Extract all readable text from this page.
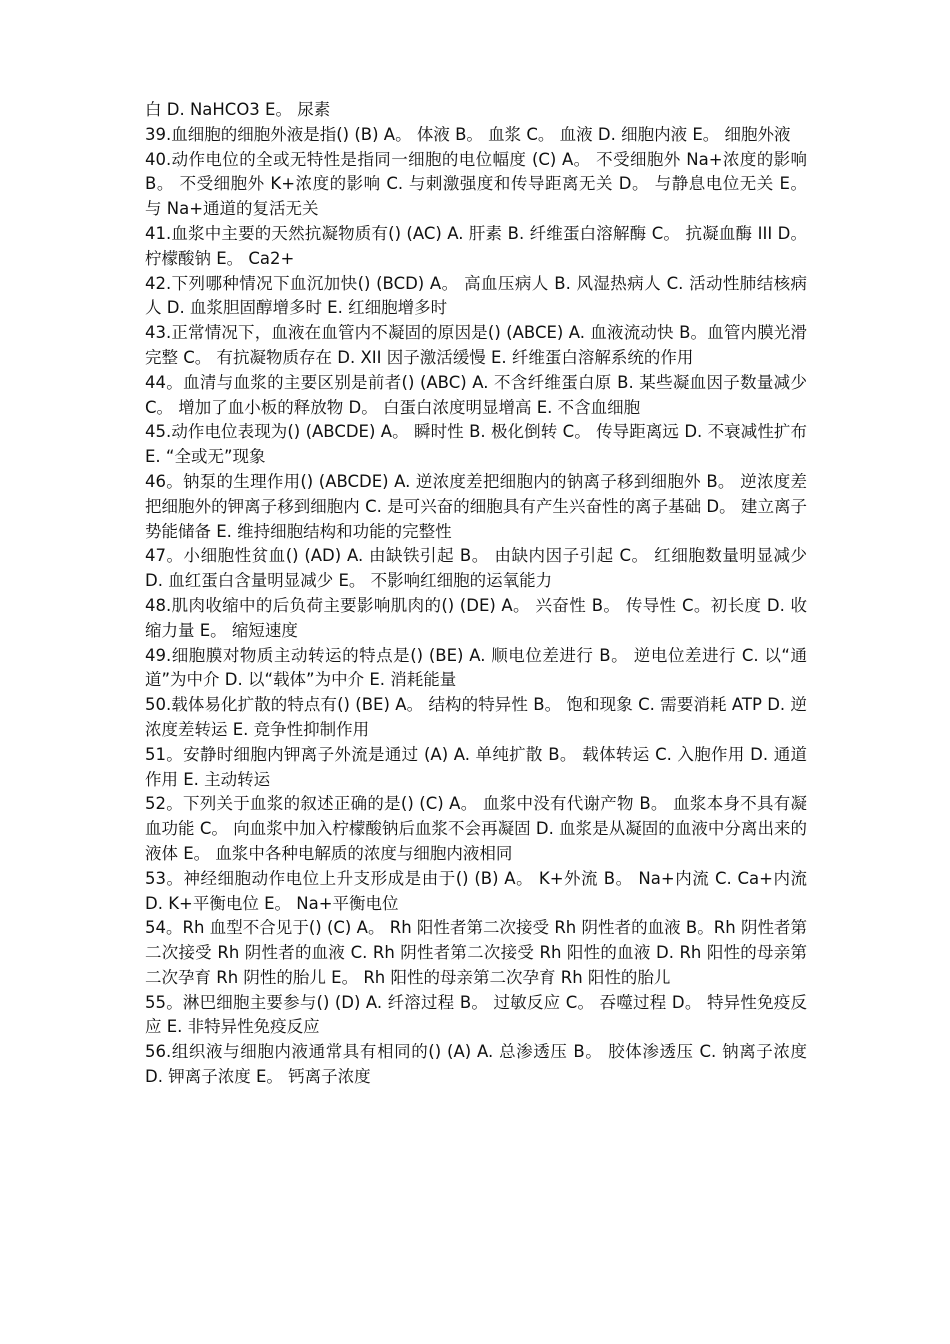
白 D. NaHCO3 E。 尿素

39.血细胞的细胞外液是指() (B) A。 体液 B。 血浆 C。 血液 D. 细胞内液 E。 细胞外液

40.动作电位的全或无特性是指同一细胞的电位幅度 (C) A。 不受细胞外 Na+浓度的影响 B。 不受细胞外 K+浓度的影响 C. 与刺激强度和传导距离无关 D。 与静息电位无关 E。 与 Na+通道的复活无关

41.血浆中主要的天然抗凝物质有() (AC) A. 肝素 B. 纤维蛋白溶解酶 C。 抗凝血酶 III D。 柠檬酸钠 E。 Ca2+

42.下列哪种情况下血沉加快() (BCD) A。 高血压病人 B. 风湿热病人 C. 活动性肺结核病人 D. 血浆胆固醇增多时 E. 红细胞增多时

43.正常情况下，血液在血管内不凝固的原因是() (ABCE) A. 血液流动快 B。血管内膜光滑完整 C。 有抗凝物质存在 D. XII 因子激活缓慢 E. 纤维蛋白溶解系统的作用

44。血清与血浆的主要区别是前者() (ABC) A. 不含纤维蛋白原 B. 某些凝血因子数量减少 C。 增加了血小板的释放物 D。 白蛋白浓度明显增高 E. 不含血细胞

45.动作电位表现为() (ABCDE) A。 瞬时性 B. 极化倒转 C。 传导距离远 D. 不衰减性扩布 E. “全或无”现象

46。钠泵的生理作用() (ABCDE) A. 逆浓度差把细胞内的钠离子移到细胞外 B。 逆浓度差把细胞外的钾离子移到细胞内 C. 是可兴奋的细胞具有产生兴奋性的离子基础 D。 建立离子势能储备 E. 维持细胞结构和功能的完整性

47。小细胞性贫血() (AD) A. 由缺铁引起 B。 由缺内因子引起 C。 红细胞数量明显减少 D. 血红蛋白含量明显减少 E。 不影响红细胞的运氧能力

48.肌肉收缩中的后负荷主要影响肌肉的() (DE) A。 兴奋性 B。 传导性 C。初长度 D. 收缩力量 E。 缩短速度

49.细胞膜对物质主动转运的特点是() (BE) A. 顺电位差进行 B。 逆电位差进行 C. 以“通道”为中介 D. 以“载体”为中介 E. 消耗能量

50.载体易化扩散的特点有() (BE) A。 结构的特异性 B。 饱和现象 C. 需要消耗 ATP D. 逆浓度差转运 E. 竞争性抑制作用

51。安静时细胞内钾离子外流是通过 (A) A. 单纯扩散 B。 载体转运 C. 入胞作用 D. 通道作用 E. 主动转运

52。下列关于血浆的叙述正确的是() (C) A。 血浆中没有代谢产物 B。 血浆本身不具有凝血功能 C。 向血浆中加入柠檬酸钠后血浆不会再凝固 D. 血浆是从凝固的血液中分离出来的液体 E。 血浆中各种电解质的浓度与细胞内液相同

53。神经细胞动作电位上升支形成是由于() (B) A。 K+外流 B。 Na+内流 C. Ca+内流 D. K+平衡电位 E。 Na+平衡电位

54。Rh 血型不合见于() (C) A。 Rh 阳性者第二次接受 Rh 阴性者的血液 B。Rh 阴性者第二次接受 Rh 阴性者的血液 C. Rh 阴性者第二次接受 Rh 阳性的血液 D. Rh 阳性的母亲第二次孕育 Rh 阴性的胎儿 E。 Rh 阳性的母亲第二次孕育 Rh 阳性的胎儿

55。淋巴细胞主要参与() (D) A. 纤溶过程 B。 过敏反应 C。 吞噬过程 D。 特异性免疫反应 E. 非特异性免疫反应

56.组织液与细胞内液通常具有相同的() (A) A. 总渗透压 B。 胶体渗透压 C. 钠离子浓度 D. 钾离子浓度 E。 钙离子浓度
